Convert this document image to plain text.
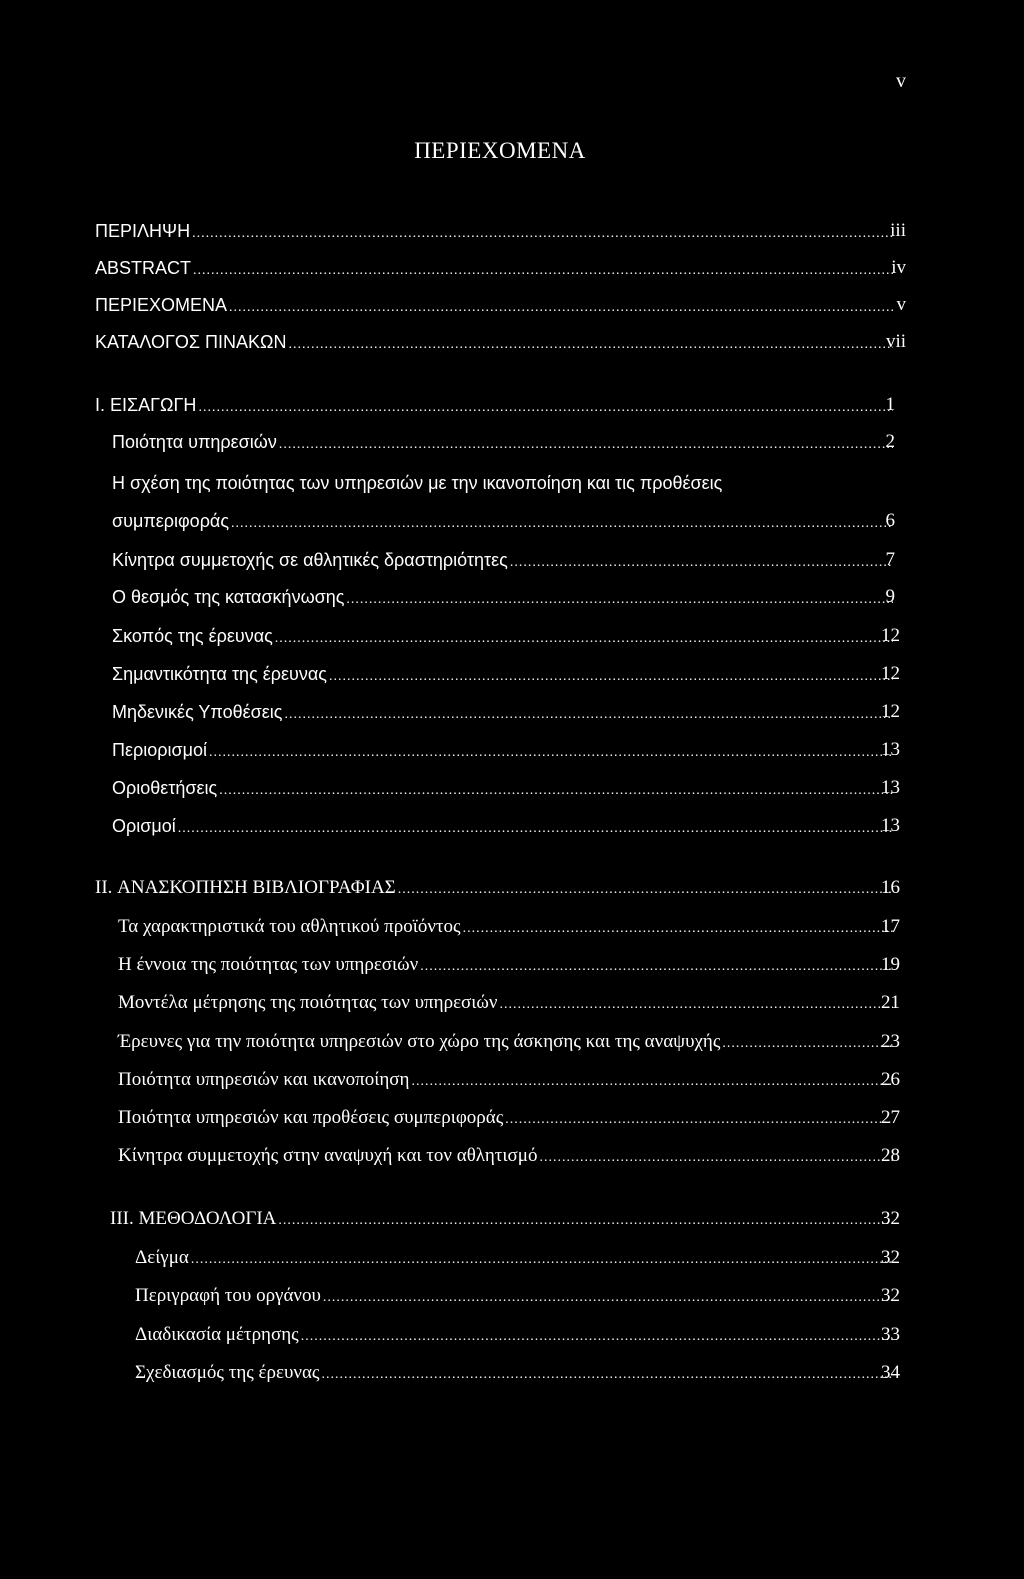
v
ΠΕΡΙΕΧΟΜΕΝΑ
ΠΕΡΙΛΗΨΗ .....	iii
ABSTRACT .....	iv
ΠΕΡΙΕΧΟΜΕΝΑ .....	v
ΚΑΤΑΛΟΓΟΣ ΠΙΝΑΚΩΝ .....	vii
I. ΕΙΣΑΓΩΓΗ .....	1
Ποιότητα υπηρεσιών .....	2
Η σχέση της ποιότητας των υπηρεσιών με την ικανοποίηση και τις προθέσεις
συμπεριφοράς .....	6
Κίνητρα συμμετοχής σε αθλητικές δραστηριότητες .....	7
Ο θεσμός της κατασκήνωσης .....	9
Σκοπός της έρευνας .....	12
Σημαντικότητα της έρευνας .....	12
Μηδενικές Υποθέσεις .....	12
Περιορισμοί .....	13
Οριοθετήσεις .....	13
Ορισμοί .....	13
II. ΑΝΑΣΚΟΠΗΣΗ ΒΙΒΛΙΟΓΡΑΦΙΑΣ .....	16
Τα χαρακτηριστικά του αθλητικού προϊόντος .....	17
Η έννοια της ποιότητας των υπηρεσιών .....	19
Μοντέλα μέτρησης της ποιότητας των υπηρεσιών .....	21
Έρευνες για την ποιότητα υπηρεσιών στο χώρο της άσκησης και της αναψυχής .....	23
Ποιότητα υπηρεσιών και ικανοποίηση .....	26
Ποιότητα υπηρεσιών και προθέσεις συμπεριφοράς .....	27
Κίνητρα συμμετοχής στην αναψυχή και τον αθλητισμό .....	28
III. ΜΕΘΟΔΟΛΟΓΙΑ .....	32
Δείγμα .....	32
Περιγραφή του οργάνου .....	32
Διαδικασία μέτρησης .....	33
Σχεδιασμός της έρευνας .....	34
